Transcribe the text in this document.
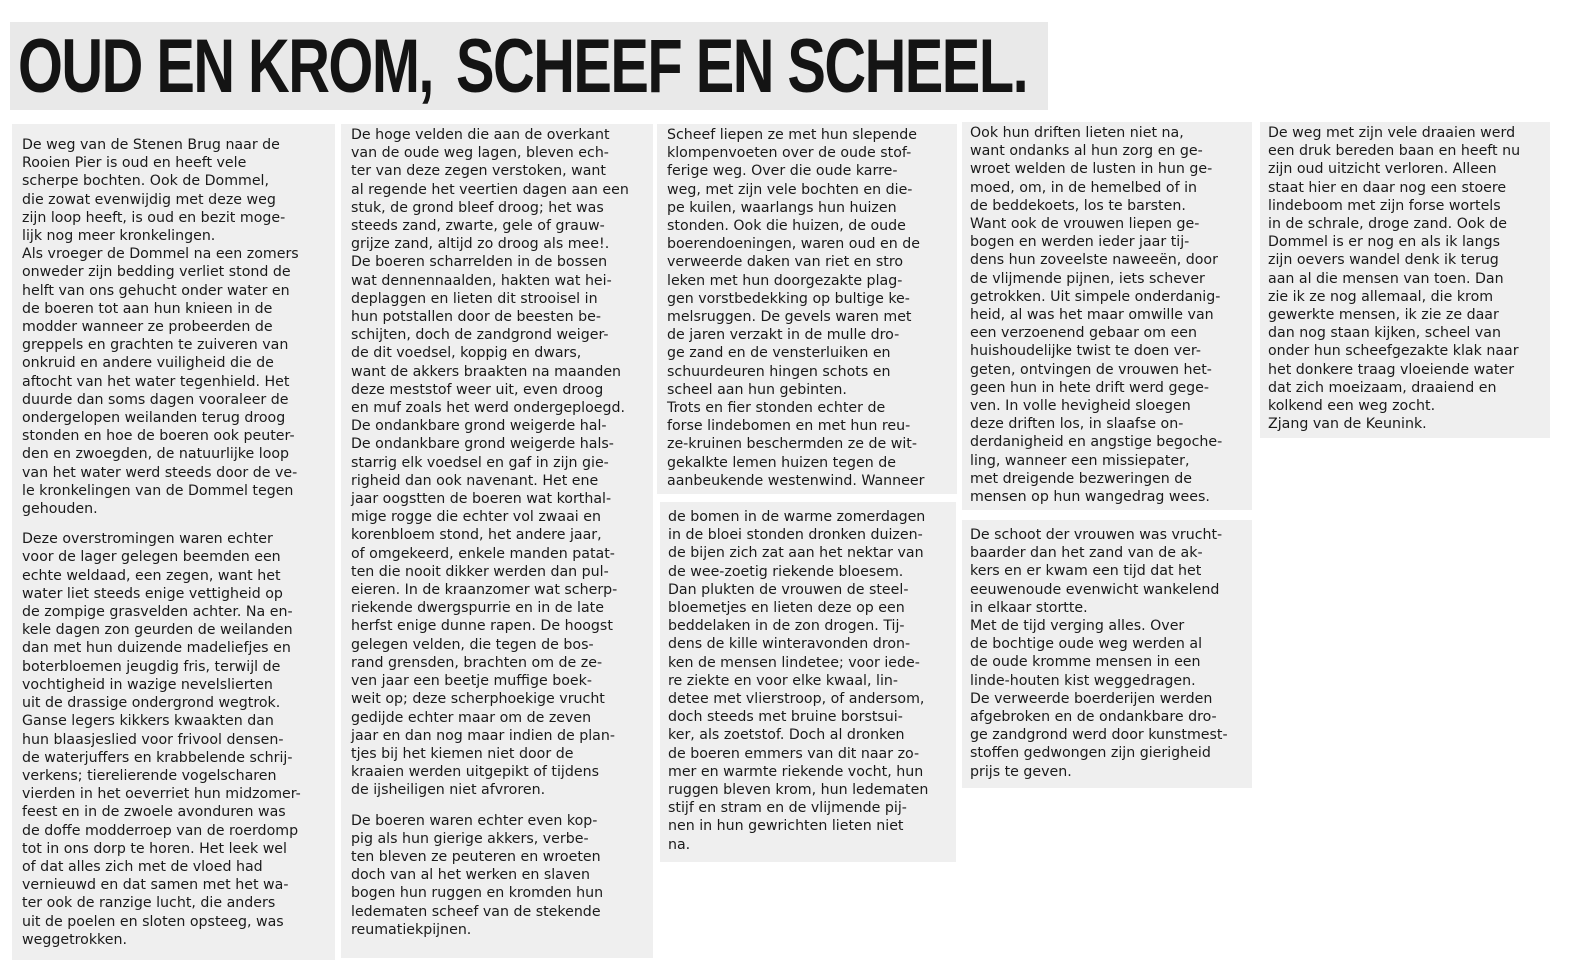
OUD EN KROM, SCHEEF EN SCHEEL.

De weg van de Stenen Brug naar de

Rooien Pier is oud en heeft vele

scherpe bochten. Ook de Dommel,

die zowat evenwijdig met deze weg

zijn loop heeft, is oud en bezit moge-

lijk nog meer kronkelingen.

Als vroeger de Dommel na een zomers

onweder zijn bedding verliet stond de

helft van ons gehucht onder water en

de boeren tot aan hun knieen in de

modder wanneer ze probeerden de

greppels en grachten te zuiveren van

onkruid en andere vuiligheid die de

aftocht van het water tegenhield. Het

duurde dan soms dagen vooraleer de

ondergelopen weilanden terug droog

stonden en hoe de boeren ook peuter-

den en zwoegden, de natuurlijke loop

van het water werd steeds door de ve-

le kronkelingen van de Dommel tegen

gehouden.

Deze overstromingen waren echter

voor de lager gelegen beemden een

echte weldaad, een zegen, want het

water liet steeds enige vettigheid op

de zompige grasvelden achter. Na en-

kele dagen zon geurden de weilanden

dan met hun duizende madeliefjes en

boterbloemen jeugdig fris, terwijl de

vochtigheid in wazige nevelslierten

uit de drassige ondergrond wegtrok.

Ganse legers kikkers kwaakten dan

hun blaasjeslied voor frivool densen-

de waterjuffers en krabbelende schrij-

verkens; tierelierende vogelscharen

vierden in het oeverriet hun midzomer-

feest en in de zwoele avonduren was

de doffe modderroep van de roerdomp

tot in ons dorp te horen. Het leek wel

of dat alles zich met de vloed had

vernieuwd en dat samen met het wa-

ter ook de ranzige lucht, die anders

uit de poelen en sloten opsteeg, was

weggetrokken.

De hoge velden die aan de overkant

van de oude weg lagen, bleven ech-

ter van deze zegen verstoken, want

al regende het veertien dagen aan een

stuk, de grond bleef droog; het was

steeds zand, zwarte, gele of grauw-

grijze zand, altijd zo droog als mee!.

De boeren scharrelden in de bossen

wat dennennaalden, hakten wat hei-

deplaggen en lieten dit strooisel in

hun potstallen door de beesten be-

schijten, doch de zandgrond weiger-

de dit voedsel, koppig en dwars,

want de akkers braakten na maanden

deze meststof weer uit, even droog

en muf zoals het werd ondergeploegd.

De ondankbare grond weigerde hal-

De ondankbare grond weigerde hals-

starrig elk voedsel en gaf in zijn gie-

righeid dan ook navenant. Het ene

jaar oogstten de boeren wat korthal-

mige rogge die echter vol zwaai en

korenbloem stond, het andere jaar,

of omgekeerd, enkele manden patat-

ten die nooit dikker werden dan pul-

eieren. In de kraanzomer wat scherp-

riekende dwergspurrie en in de late

herfst enige dunne rapen. De hoogst

gelegen velden, die tegen de bos-

rand grensden, brachten om de ze-

ven jaar een beetje muffige boek-

weit op; deze scherphoekige vrucht

gedijde echter maar om de zeven

jaar en dan nog maar indien de plan-

tjes bij het kiemen niet door de

kraaien werden uitgepikt of tijdens

de ijsheiligen niet afvroren.

De boeren waren echter even kop-

pig als hun gierige akkers, verbe-

ten bleven ze peuteren en wroeten

doch van al het werken en slaven

bogen hun ruggen en kromden hun

ledematen scheef van de stekende

reumatiekpijnen.

Scheef liepen ze met hun slepende

klompenvoeten over de oude stof-

ferige weg. Over die oude karre-

weg, met zijn vele bochten en die-

pe kuilen, waarlangs hun huizen

stonden. Ook die huizen, de oude

boerendoeningen, waren oud en de

verweerde daken van riet en stro

leken met hun doorgezakte plag-

gen vorstbedekking op bultige ke-

melsruggen. De gevels waren met

de jaren verzakt in de mulle dro-

ge zand en de vensterluiken en

schuurdeuren hingen schots en

scheel aan hun gebinten.

Trots en fier stonden echter de

forse lindebomen en met hun reu-

ze-kruinen beschermden ze de wit-

gekalkte lemen huizen tegen de

aanbeukende westenwind. Wanneer

de bomen in de warme zomerdagen

in de bloei stonden dronken duizen-

de bijen zich zat aan het nektar van

de wee-zoetig riekende bloesem.

Dan plukten de vrouwen de steel-

bloemetjes en lieten deze op een

beddelaken in de zon drogen. Tij-

dens de kille winteravonden dron-

ken de mensen lindetee; voor iede-

re ziekte en voor elke kwaal, lin-

detee met vlierstroop, of andersom,

doch steeds met bruine borstsui-

ker, als zoetstof. Doch al dronken

de boeren emmers van dit naar zo-

mer en warmte riekende vocht, hun

ruggen bleven krom, hun ledematen

stijf en stram en de vlijmende pij-

nen in hun gewrichten lieten niet

na.

Ook hun driften lieten niet na,

want ondanks al hun zorg en ge-

wroet welden de lusten in hun ge-

moed, om, in de hemelbed of in

de beddekoets, los te barsten.

Want ook de vrouwen liepen ge-

bogen en werden ieder jaar tij-

dens hun zoveelste naweeën, door

de vlijmende pijnen, iets schever

getrokken. Uit simpele onderdanig-

heid, al was het maar omwille van

een verzoenend gebaar om een

huishoudelijke twist te doen ver-

geten, ontvingen de vrouwen het-

geen hun in hete drift werd gege-

ven. In volle hevigheid sloegen

deze driften los, in slaafse on-

derdanigheid en angstige begoche-

ling, wanneer een missiepater,

met dreigende bezweringen de

mensen op hun wangedrag wees.

De schoot der vrouwen was vrucht-

baarder dan het zand van de ak-

kers en er kwam een tijd dat het

eeuwenoude evenwicht wankelend

in elkaar stortte.

Met de tijd verging alles. Over

de bochtige oude weg werden al

de oude kromme mensen in een

linde-houten kist weggedragen.

De verweerde boerderijen werden

afgebroken en de ondankbare dro-

ge zandgrond werd door kunstmest-

stoffen gedwongen zijn gierigheid

prijs te geven.

De weg met zijn vele draaien werd

een druk bereden baan en heeft nu

zijn oud uitzicht verloren. Alleen

staat hier en daar nog een stoere

lindeboom met zijn forse wortels

in de schrale, droge zand. Ook de

Dommel is er nog en als ik langs

zijn oevers wandel denk ik terug

aan al die mensen van toen. Dan

zie ik ze nog allemaal, die krom

gewerkte mensen, ik zie ze daar

dan nog staan kijken, scheel van

onder hun scheefgezakte klak naar

het donkere traag vloeiende water

dat zich moeizaam, draaiend en

kolkend een weg zocht.

Zjang van de Keunink.
